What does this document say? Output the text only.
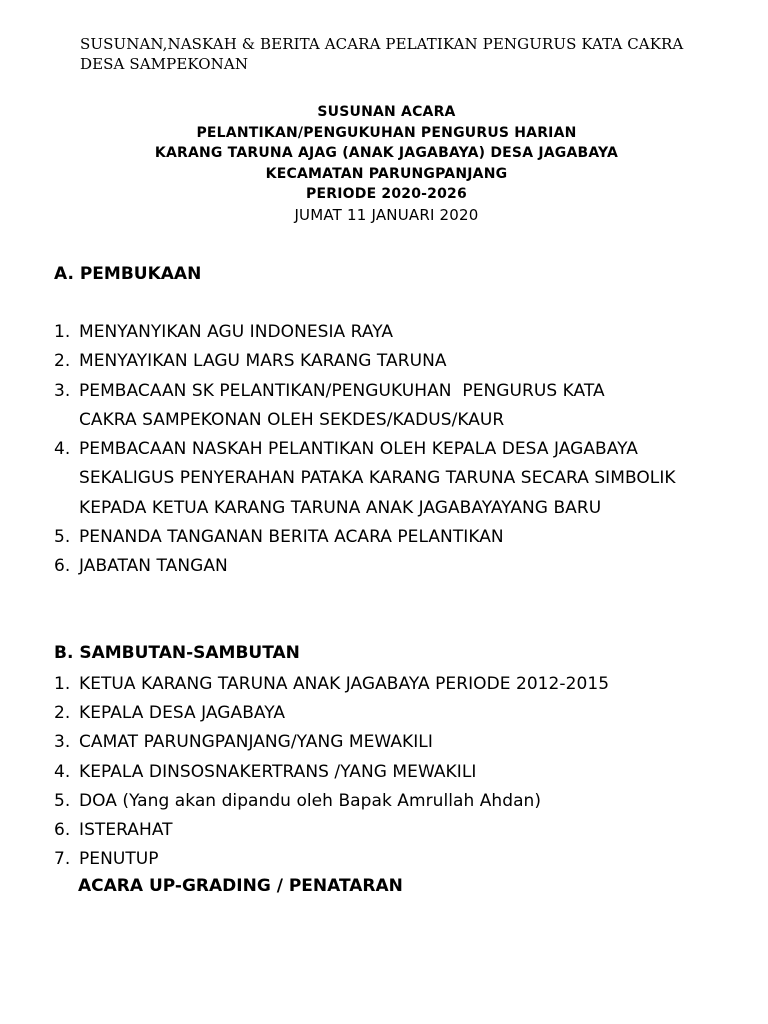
SUSUNAN,NASKAH & BERITA ACARA PELATIKAN PENGURUS KATA CAKRA DESA SAMPEKONAN
SUSUNAN ACARA
PELANTIKAN/PENGUKUHAN PENGURUS HARIAN
KARANG TARUNA AJAG (ANAK JAGABAYA) DESA JAGABAYA
KECAMATAN PARUNGPANJANG
PERIODE 2020-2026
JUMAT 11 JANUARI 2020
A. PEMBUKAAN
1. MENYANYIKAN AGU INDONESIA RAYA
2. MENYAYIKAN LAGU MARS KARANG TARUNA
3. PEMBACAAN SK PELANTIKAN/PENGUKUHAN  PENGURUS KATA CAKRA SAMPEKONAN OLEH SEKDES/KADUS/KAUR
4. PEMBACAAN NASKAH PELANTIKAN OLEH KEPALA DESA JAGABAYA SEKALIGUS PENYERAHAN PATAKA KARANG TARUNA SECARA SIMBOLIK KEPADA KETUA KARANG TARUNA ANAK JAGABAYAYANG BARU
5. PENANDA TANGANAN BERITA ACARA PELANTIKAN
6. JABATAN TANGAN
B. SAMBUTAN-SAMBUTAN
1. KETUA KARANG TARUNA ANAK JAGABAYA PERIODE 2012-2015
2. KEPALA DESA JAGABAYA
3. CAMAT PARUNGPANJANG/YANG MEWAKILI
4. KEPALA DINSOSNAKERTRANS /YANG MEWAKILI
5. DOA (Yang akan dipandu oleh Bapak Amrullah Ahdan)
6. ISTERAHAT
7. PENUTUP
ACARA UP-GRADING / PENATARAN
